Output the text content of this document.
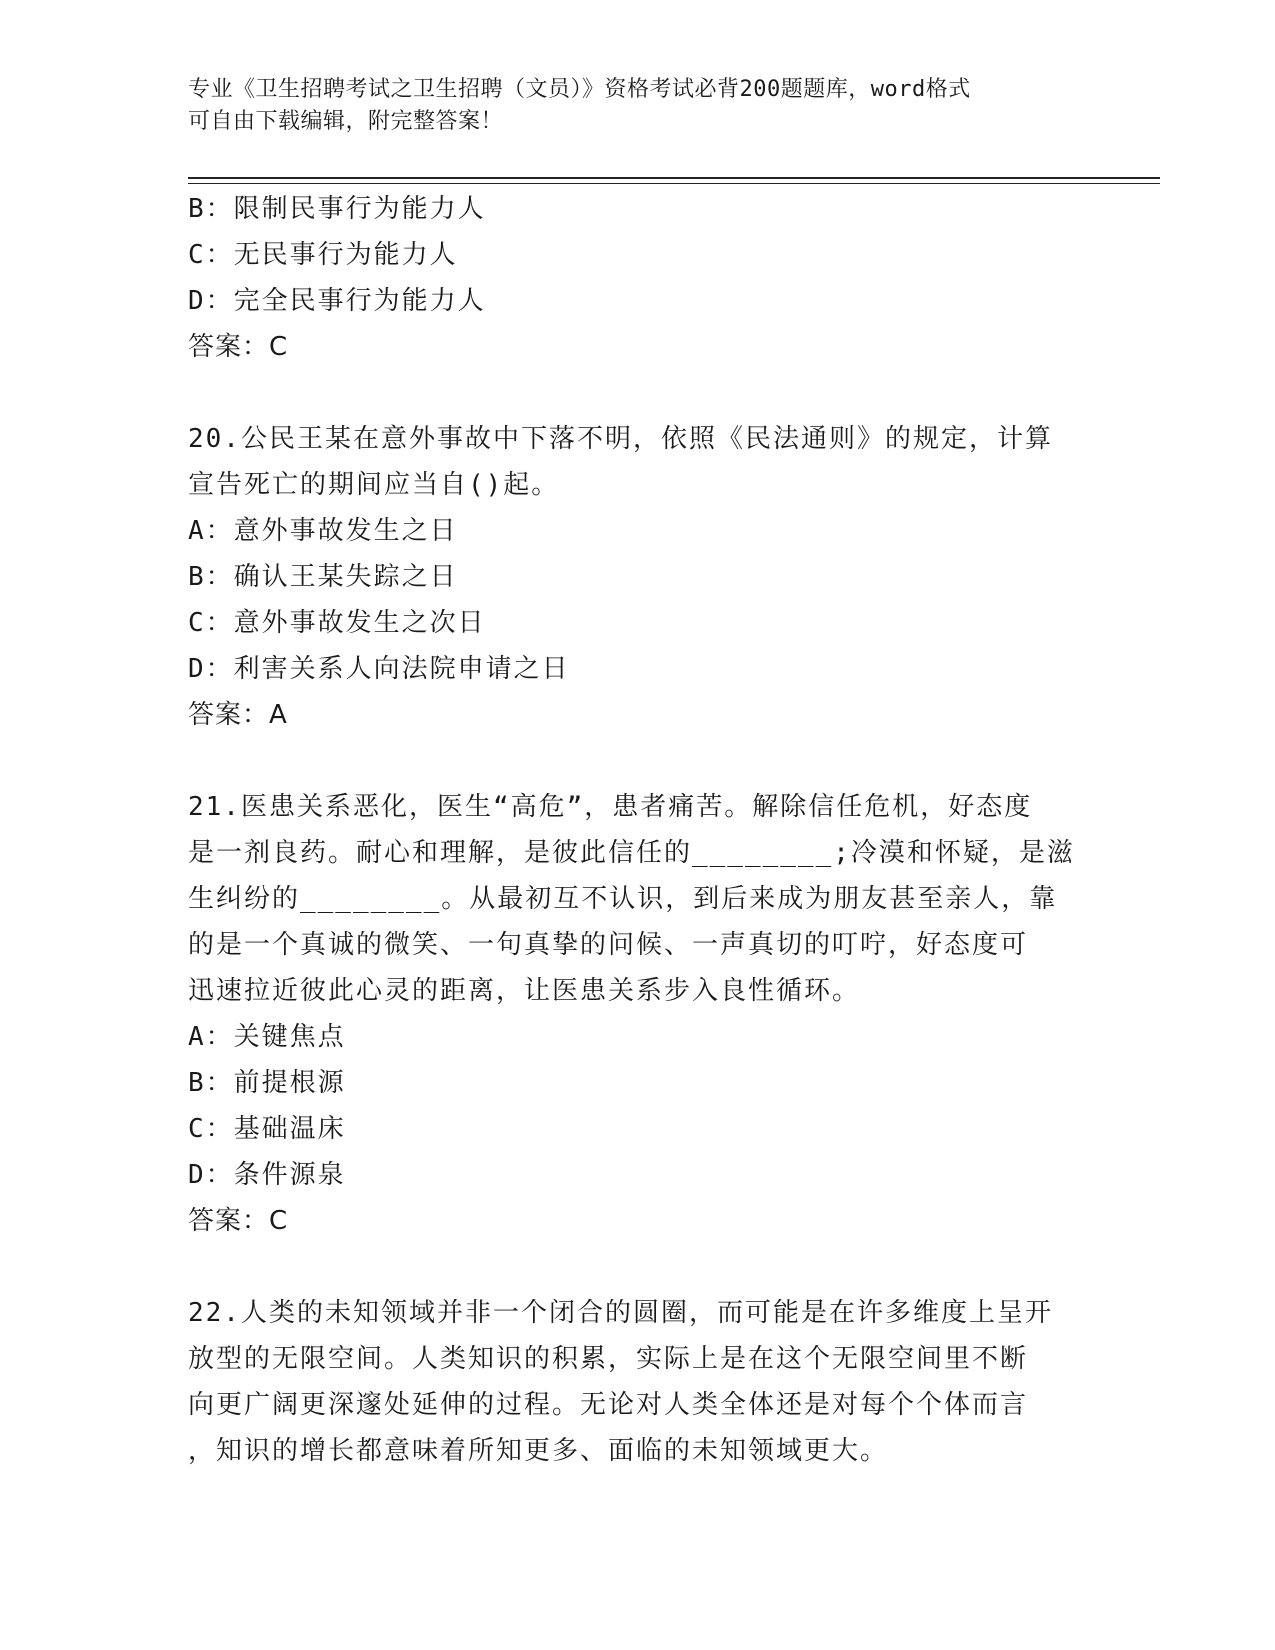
专业《卫生招聘考试之卫生招聘（文员）》资格考试必背200题题库，word格式
可自由下载编辑，附完整答案！
B：限制民事行为能力人
C：无民事行为能力人
D：完全民事行为能力人
答案：C
20.公民王某在意外事故中下落不明，依照《民法通则》的规定，计算
宣告死亡的期间应当自()起。
A：意外事故发生之日
B：确认王某失踪之日
C：意外事故发生之次日
D：利害关系人向法院申请之日
答案：A
21.医患关系恶化，医生“高危”，患者痛苦。解除信任危机，好态度
是一剂良药。耐心和理解，是彼此信任的________;冷漠和怀疑，是滋
生纠纷的________。从最初互不认识，到后来成为朋友甚至亲人，靠
的是一个真诚的微笑、一句真挚的问候、一声真切的叮咛，好态度可
迅速拉近彼此心灵的距离，让医患关系步入良性循环。
A：关键焦点
B：前提根源
C：基础温床
D：条件源泉
答案：C
22.人类的未知领域并非一个闭合的圆圈，而可能是在许多维度上呈开
放型的无限空间。人类知识的积累，实际上是在这个无限空间里不断
向更广阔更深邃处延伸的过程。无论对人类全体还是对每个个体而言
，知识的增长都意味着所知更多、面临的未知领域更大。
